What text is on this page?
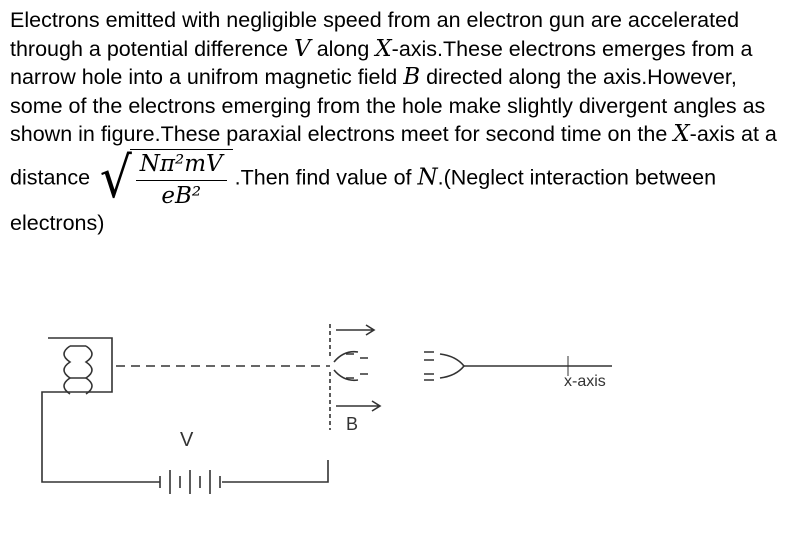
Electrons emitted with negligible speed from an electron gun are accelerated through a potential difference V along X-axis.These electrons emerges from a narrow hole into a unifrom magnetic field B directed along the axis.However, some of the electrons emerging from the hole make slightly divergent angles as shown in figure.These paraxial electrons meet for second time on the X-axis at a distance √
$\frac{\text{Nπ²mV}}{\text{eB²}}$ .Then find value of N.(Neglect interaction between electrons)

V
B
x-axis
